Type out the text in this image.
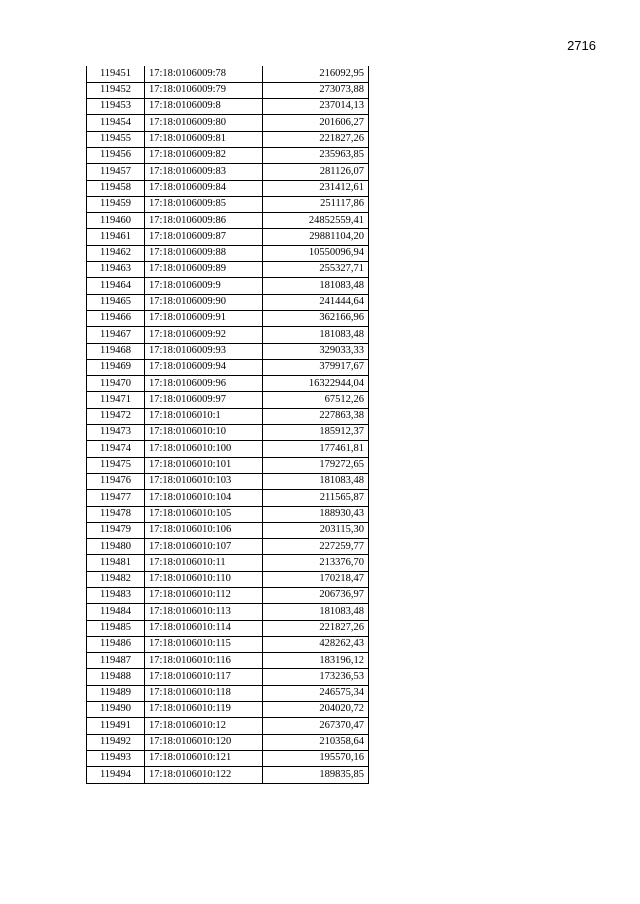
2716
119451	17:18:0106009:78	216092,95
119452	17:18:0106009:79	273073,88
119453	17:18:0106009:8	237014,13
119454	17:18:0106009:80	201606,27
119455	17:18:0106009:81	221827,26
119456	17:18:0106009:82	235963,85
119457	17:18:0106009:83	281126,07
119458	17:18:0106009:84	231412,61
119459	17:18:0106009:85	251117,86
119460	17:18:0106009:86	24852559,41
119461	17:18:0106009:87	29881104,20
119462	17:18:0106009:88	10550096,94
119463	17:18:0106009:89	255327,71
119464	17:18:0106009:9	181083,48
119465	17:18:0106009:90	241444,64
119466	17:18:0106009:91	362166,96
119467	17:18:0106009:92	181083,48
119468	17:18:0106009:93	329033,33
119469	17:18:0106009:94	379917,67
119470	17:18:0106009:96	16322944,04
119471	17:18:0106009:97	67512,26
119472	17:18:0106010:1	227863,38
119473	17:18:0106010:10	185912,37
119474	17:18:0106010:100	177461,81
119475	17:18:0106010:101	179272,65
119476	17:18:0106010:103	181083,48
119477	17:18:0106010:104	211565,87
119478	17:18:0106010:105	188930,43
119479	17:18:0106010:106	203115,30
119480	17:18:0106010:107	227259,77
119481	17:18:0106010:11	213376,70
119482	17:18:0106010:110	170218,47
119483	17:18:0106010:112	206736,97
119484	17:18:0106010:113	181083,48
119485	17:18:0106010:114	221827,26
119486	17:18:0106010:115	428262,43
119487	17:18:0106010:116	183196,12
119488	17:18:0106010:117	173236,53
119489	17:18:0106010:118	246575,34
119490	17:18:0106010:119	204020,72
119491	17:18:0106010:12	267370,47
119492	17:18:0106010:120	210358,64
119493	17:18:0106010:121	195570,16
119494	17:18:0106010:122	189835,85
